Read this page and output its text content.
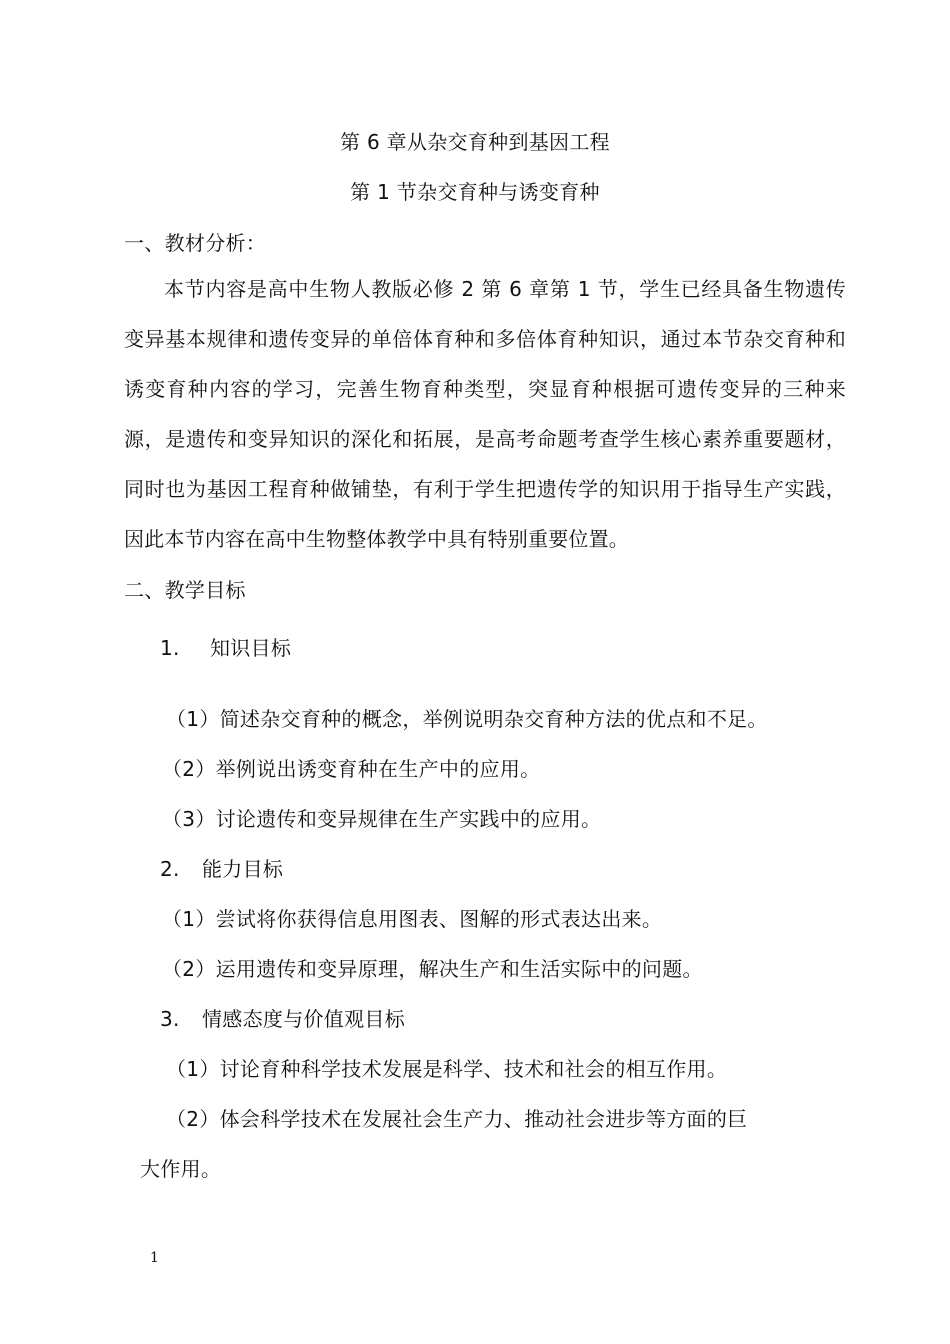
第 6 章从杂交育种到基因工程
第 1 节杂交育种与诱变育种
一、教材分析：
本节内容是高中生物人教版必修 2 第 6 章第 1 节，学生已经具备生物遗传变异基本规律和遗传变异的单倍体育种和多倍体育种知识，通过本节杂交育种和诱变育种内容的学习，完善生物育种类型，突显育种根据可遗传变异的三种来源，是遗传和变异知识的深化和拓展，是高考命题考查学生核心素养重要题材，同时也为基因工程育种做铺垫，有利于学生把遗传学的知识用于指导生产实践，因此本节内容在高中生物整体教学中具有特别重要位置。
二、教学目标
1. 知识目标
（1）简述杂交育种的概念，举例说明杂交育种方法的优点和不足。
（2）举例说出诱变育种在生产中的应用。
（3）讨论遗传和变异规律在生产实践中的应用。
2. 能力目标
（1）尝试将你获得信息用图表、图解的形式表达出来。
（2）运用遗传和变异原理，解决生产和生活实际中的问题。
3. 情感态度与价值观目标
（1）讨论育种科学技术发展是科学、技术和社会的相互作用。
（2）体会科学技术在发展社会生产力、推动社会进步等方面的巨
大作用。
1
